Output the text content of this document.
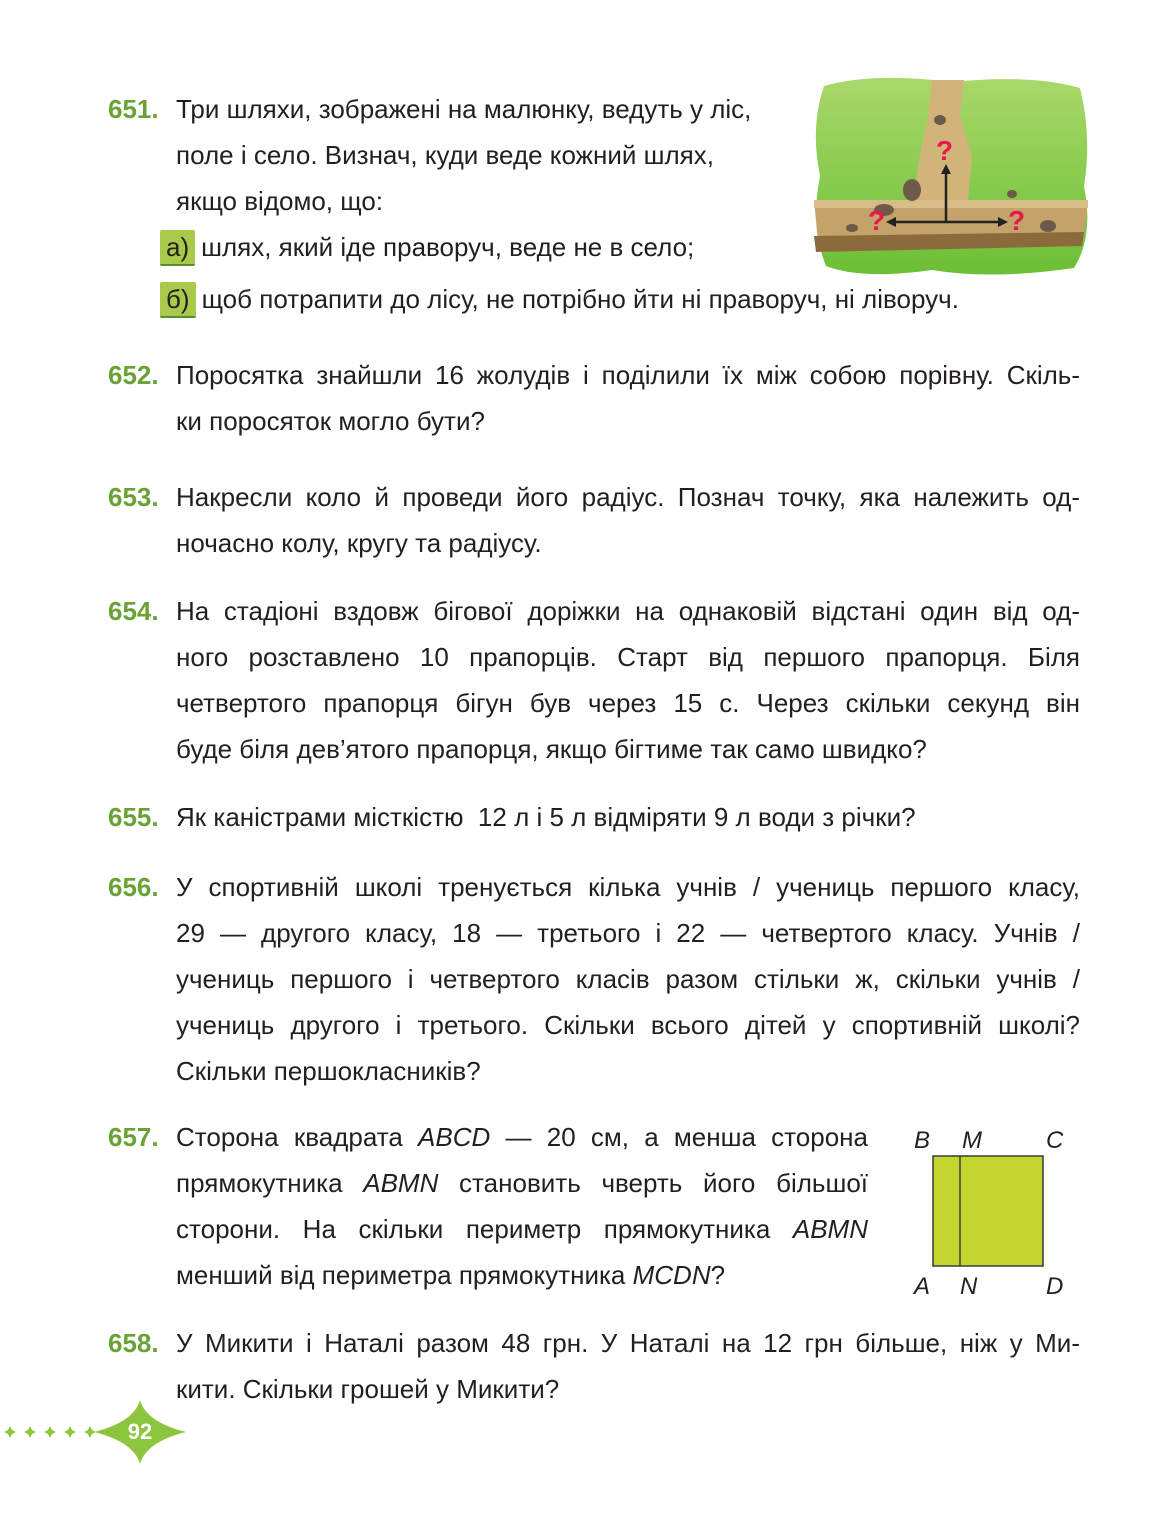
651. Три шляхи, зображені на малюнку, ведуть у ліс,
поле і село. Визнач, куди веде кожний шлях,
якщо відомо, що:
а) шлях, який іде праворуч, веде не в село;
б) щоб потрапити до лісу, не потрібно йти ні праворуч, ні ліворуч.
?
?	?
652. Поросятка знайшли 16 жолудів і поділили їх між собою порівну. Скіль-
ки поросяток могло бути?
653. Накресли коло й проведи його радіус. Познач точку, яка належить од-
ночасно колу, кругу та радіусу.
654. На стадіоні вздовж бігової доріжки на однаковій відстані один від од-
ного розставлено 10 прапорців. Старт від першого прапорця. Біля
четвертого прапорця бігун був через 15 с. Через скільки секунд він
буде біля дев’ятого прапорця, якщо бігтиме так само швидко?
655. Як каністрами місткістю  12 л і 5 л відміряти 9 л води з річки?
656. У спортивній школі тренується кілька учнів / учениць першого класу,
29 — другого класу, 18 — третього і 22 — четвертого класу. Учнів /
учениць першого і четвертого класів разом стільки ж, скільки учнів /
учениць другого і третього. Скільки всього дітей у спортивній школі?
Скільки першокласників?
657. Сторона квадрата ABCD — 20 см, а менша сторона
прямокутника ABMN становить чверть його більшої
сторони. На скільки периметр прямокутника ABMN
менший від периметра прямокутника MCDN?
B M	C
A N	D
658. У Микити і Наталі разом 48 грн. У Наталі на 12 грн більше, ніж у Ми-
кити. Скільки грошей у Микити?
92
